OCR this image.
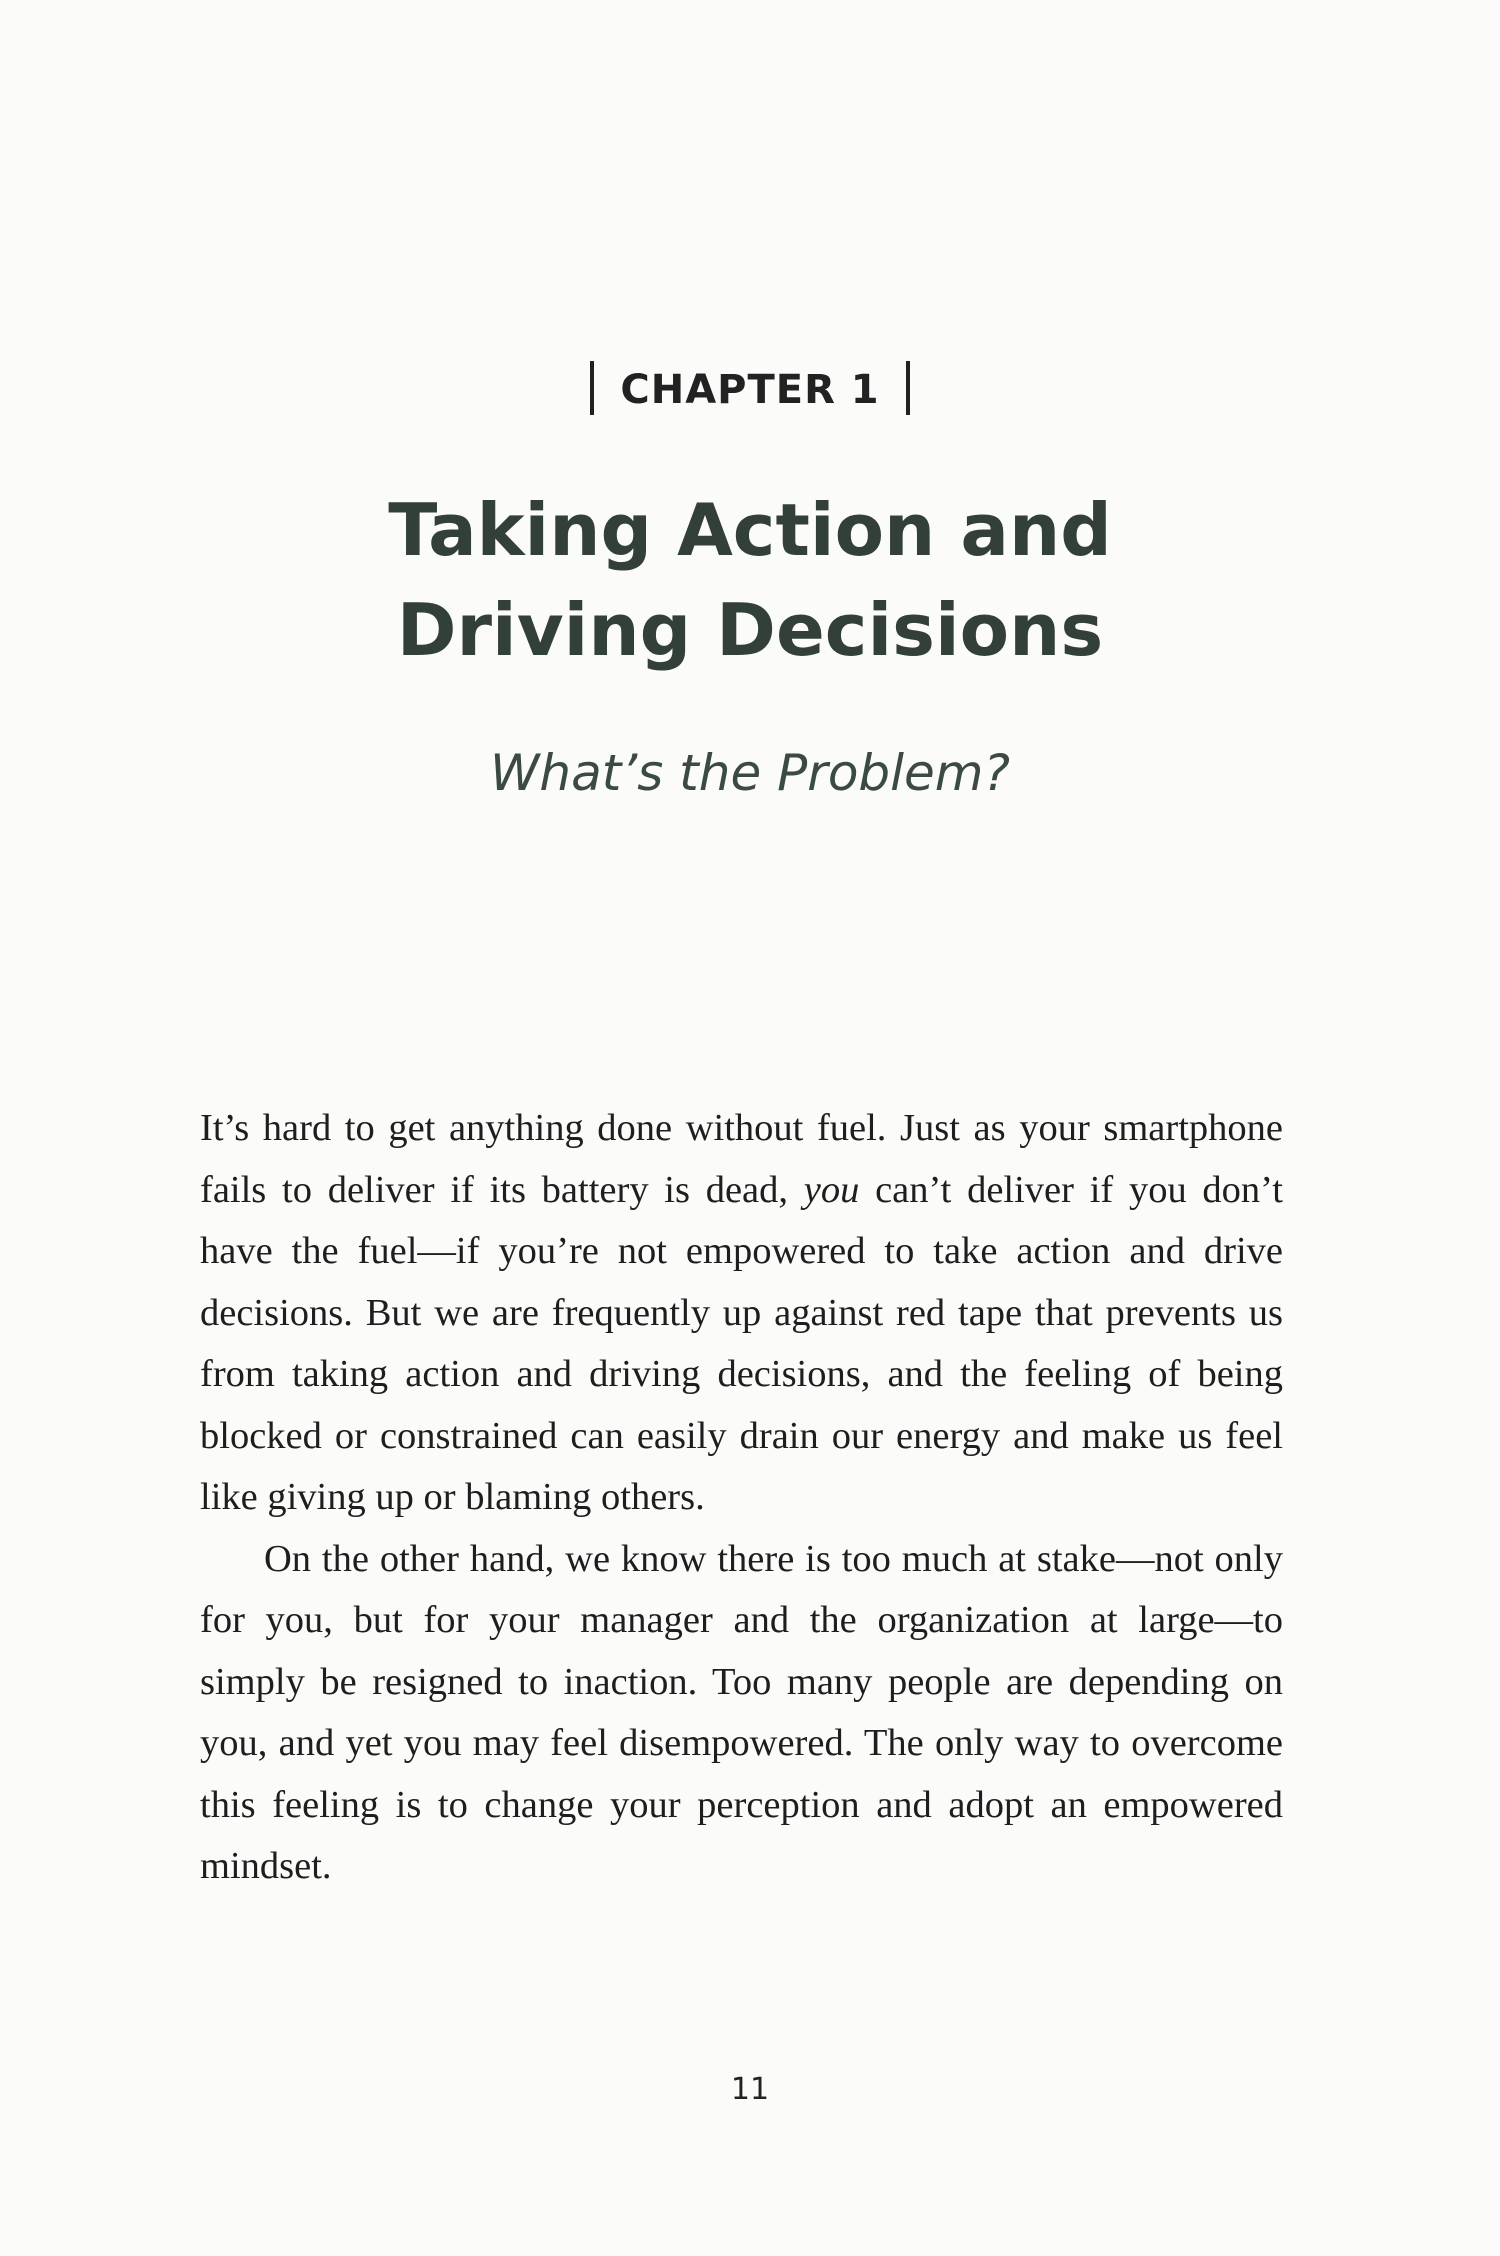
CHAPTER 1
Taking Action and
Driving Decisions
What’s the Problem?

It’s hard to get anything done without fuel. Just as your smartphone fails to deliver if its battery is dead, you can’t deliver if you don’t have the fuel—if you’re not empowered to take action and drive decisions. But we are frequently up against red tape that prevents us from taking action and driving decisions, and the feeling of being blocked or constrained can easily drain our energy and make us feel like giving up or blaming others.

On the other hand, we know there is too much at stake—not only for you, but for your manager and the organization at large—to simply be resigned to inaction. Too many people are depending on you, and yet you may feel disempowered. The only way to overcome this feeling is to change your perception and adopt an empowered mindset.

11
